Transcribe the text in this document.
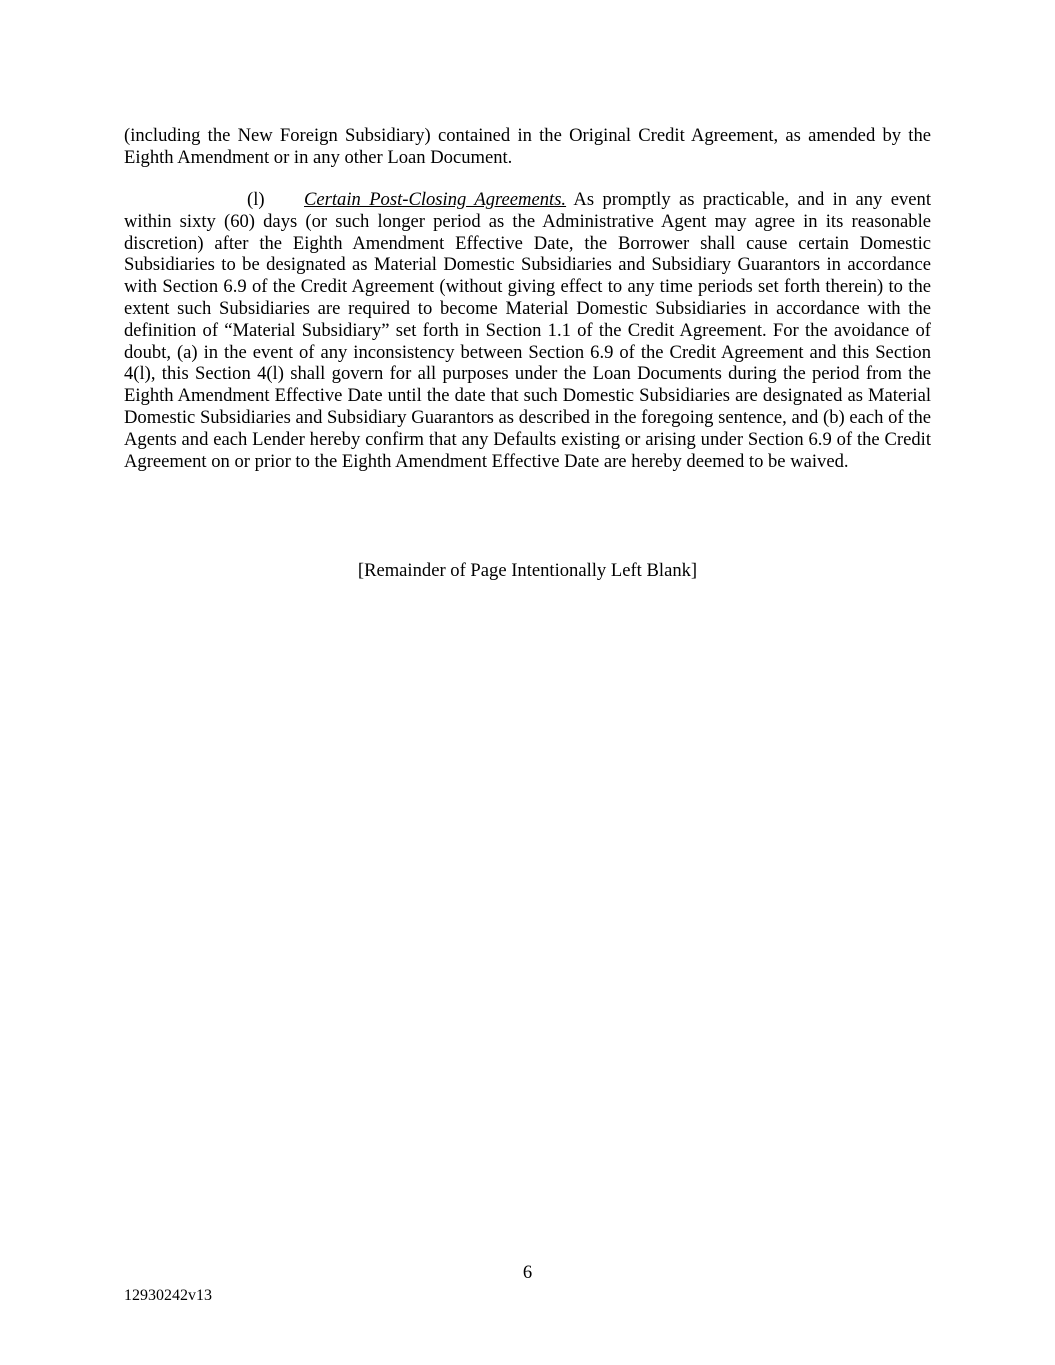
(including the New Foreign Subsidiary) contained in the Original Credit Agreement, as amended by the Eighth Amendment or in any other Loan Document.

(l) Certain Post-Closing Agreements. As promptly as practicable, and in any event within sixty (60) days (or such longer period as the Administrative Agent may agree in its reasonable discretion) after the Eighth Amendment Effective Date, the Borrower shall cause certain Domestic Subsidiaries to be designated as Material Domestic Subsidiaries and Subsidiary Guarantors in accordance with Section 6.9 of the Credit Agreement (without giving effect to any time periods set forth therein) to the extent such Subsidiaries are required to become Material Domestic Subsidiaries in accordance with the definition of “Material Subsidiary” set forth in Section 1.1 of the Credit Agreement. For the avoidance of doubt, (a) in the event of any inconsistency between Section 6.9 of the Credit Agreement and this Section 4(l), this Section 4(l) shall govern for all purposes under the Loan Documents during the period from the Eighth Amendment Effective Date until the date that such Domestic Subsidiaries are designated as Material Domestic Subsidiaries and Subsidiary Guarantors as described in the foregoing sentence, and (b) each of the Agents and each Lender hereby confirm that any Defaults existing or arising under Section 6.9 of the Credit Agreement on or prior to the Eighth Amendment Effective Date are hereby deemed to be waived.

[Remainder of Page Intentionally Left Blank]
6
12930242v13
